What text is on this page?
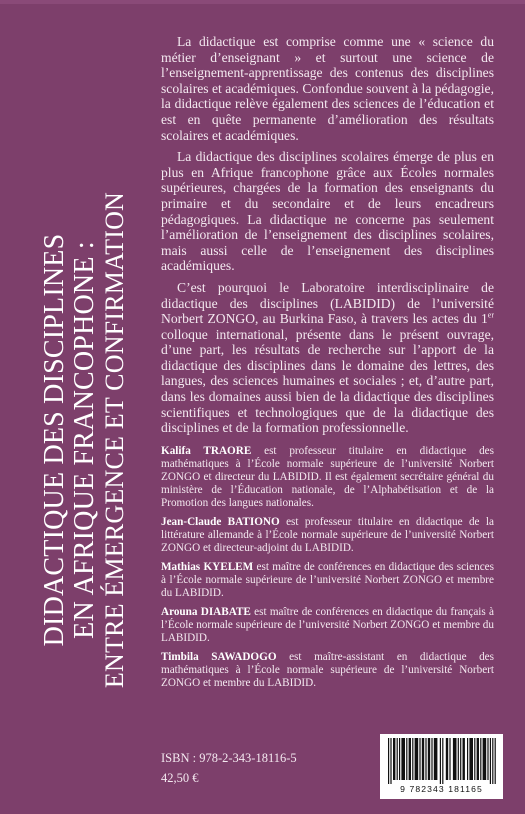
DIDACTIQUE DES DISCIPLINES EN AFRIQUE FRANCOPHONE : ENTRE ÉMERGENCE ET CONFIRMATION

La didactique est comprise comme une « science du métier d’enseignant » et surtout une science de l’enseignement-apprentissage des contenus des disciplines scolaires et académiques. Confondue souvent à la pédagogie, la didactique relève également des sciences de l’éducation et est en quête permanente d’amélioration des résultats scolaires et académiques.

La didactique des disciplines scolaires émerge de plus en plus en Afrique francophone grâce aux Écoles normales supérieures, chargées de la formation des enseignants du primaire et du secondaire et de leurs encadreurs pédagogiques. La didactique ne concerne pas seulement l’amélioration de l’enseignement des disciplines scolaires, mais aussi celle de l’enseignement des disciplines académiques.

C’est pourquoi le Laboratoire interdisciplinaire de didactique des disciplines (LABIDID) de l’université Norbert ZONGO, au Burkina Faso, à travers les actes du 1er colloque international, présente dans le présent ouvrage, d’une part, les résultats de recherche sur l’apport de la didactique des disciplines dans le domaine des lettres, des langues, des sciences humaines et sociales ; et, d’autre part, dans les domaines aussi bien de la didactique des disciplines scientifiques et technologiques que de la didactique des disciplines et de la formation professionnelle.

Kalifa TRAORE est professeur titulaire en didactique des mathématiques à l’École normale supérieure de l’université Norbert ZONGO et directeur du LABIDID. Il est également secrétaire général du ministère de l’Éducation nationale, de l’Alphabétisation et de la Promotion des langues nationales.

Jean-Claude BATIONO est professeur titulaire en didactique de la littérature allemande à l’École normale supérieure de l’université Norbert ZONGO et directeur-adjoint du LABIDID.

Mathias KYELEM est maître de conférences en didactique des sciences à l’École normale supérieure de l’université Norbert ZONGO et membre du LABIDID.

Arouna DIABATE est maître de conférences en didactique du français à l’École normale supérieure de l’université Norbert ZONGO et membre du LABIDID.

Timbila SAWADOGO est maître-assistant en didactique des mathématiques à l’École normale supérieure de l’université Norbert ZONGO et membre du LABIDID.

ISBN : 978-2-343-18116-5
42,50 €
9 782343 181165
